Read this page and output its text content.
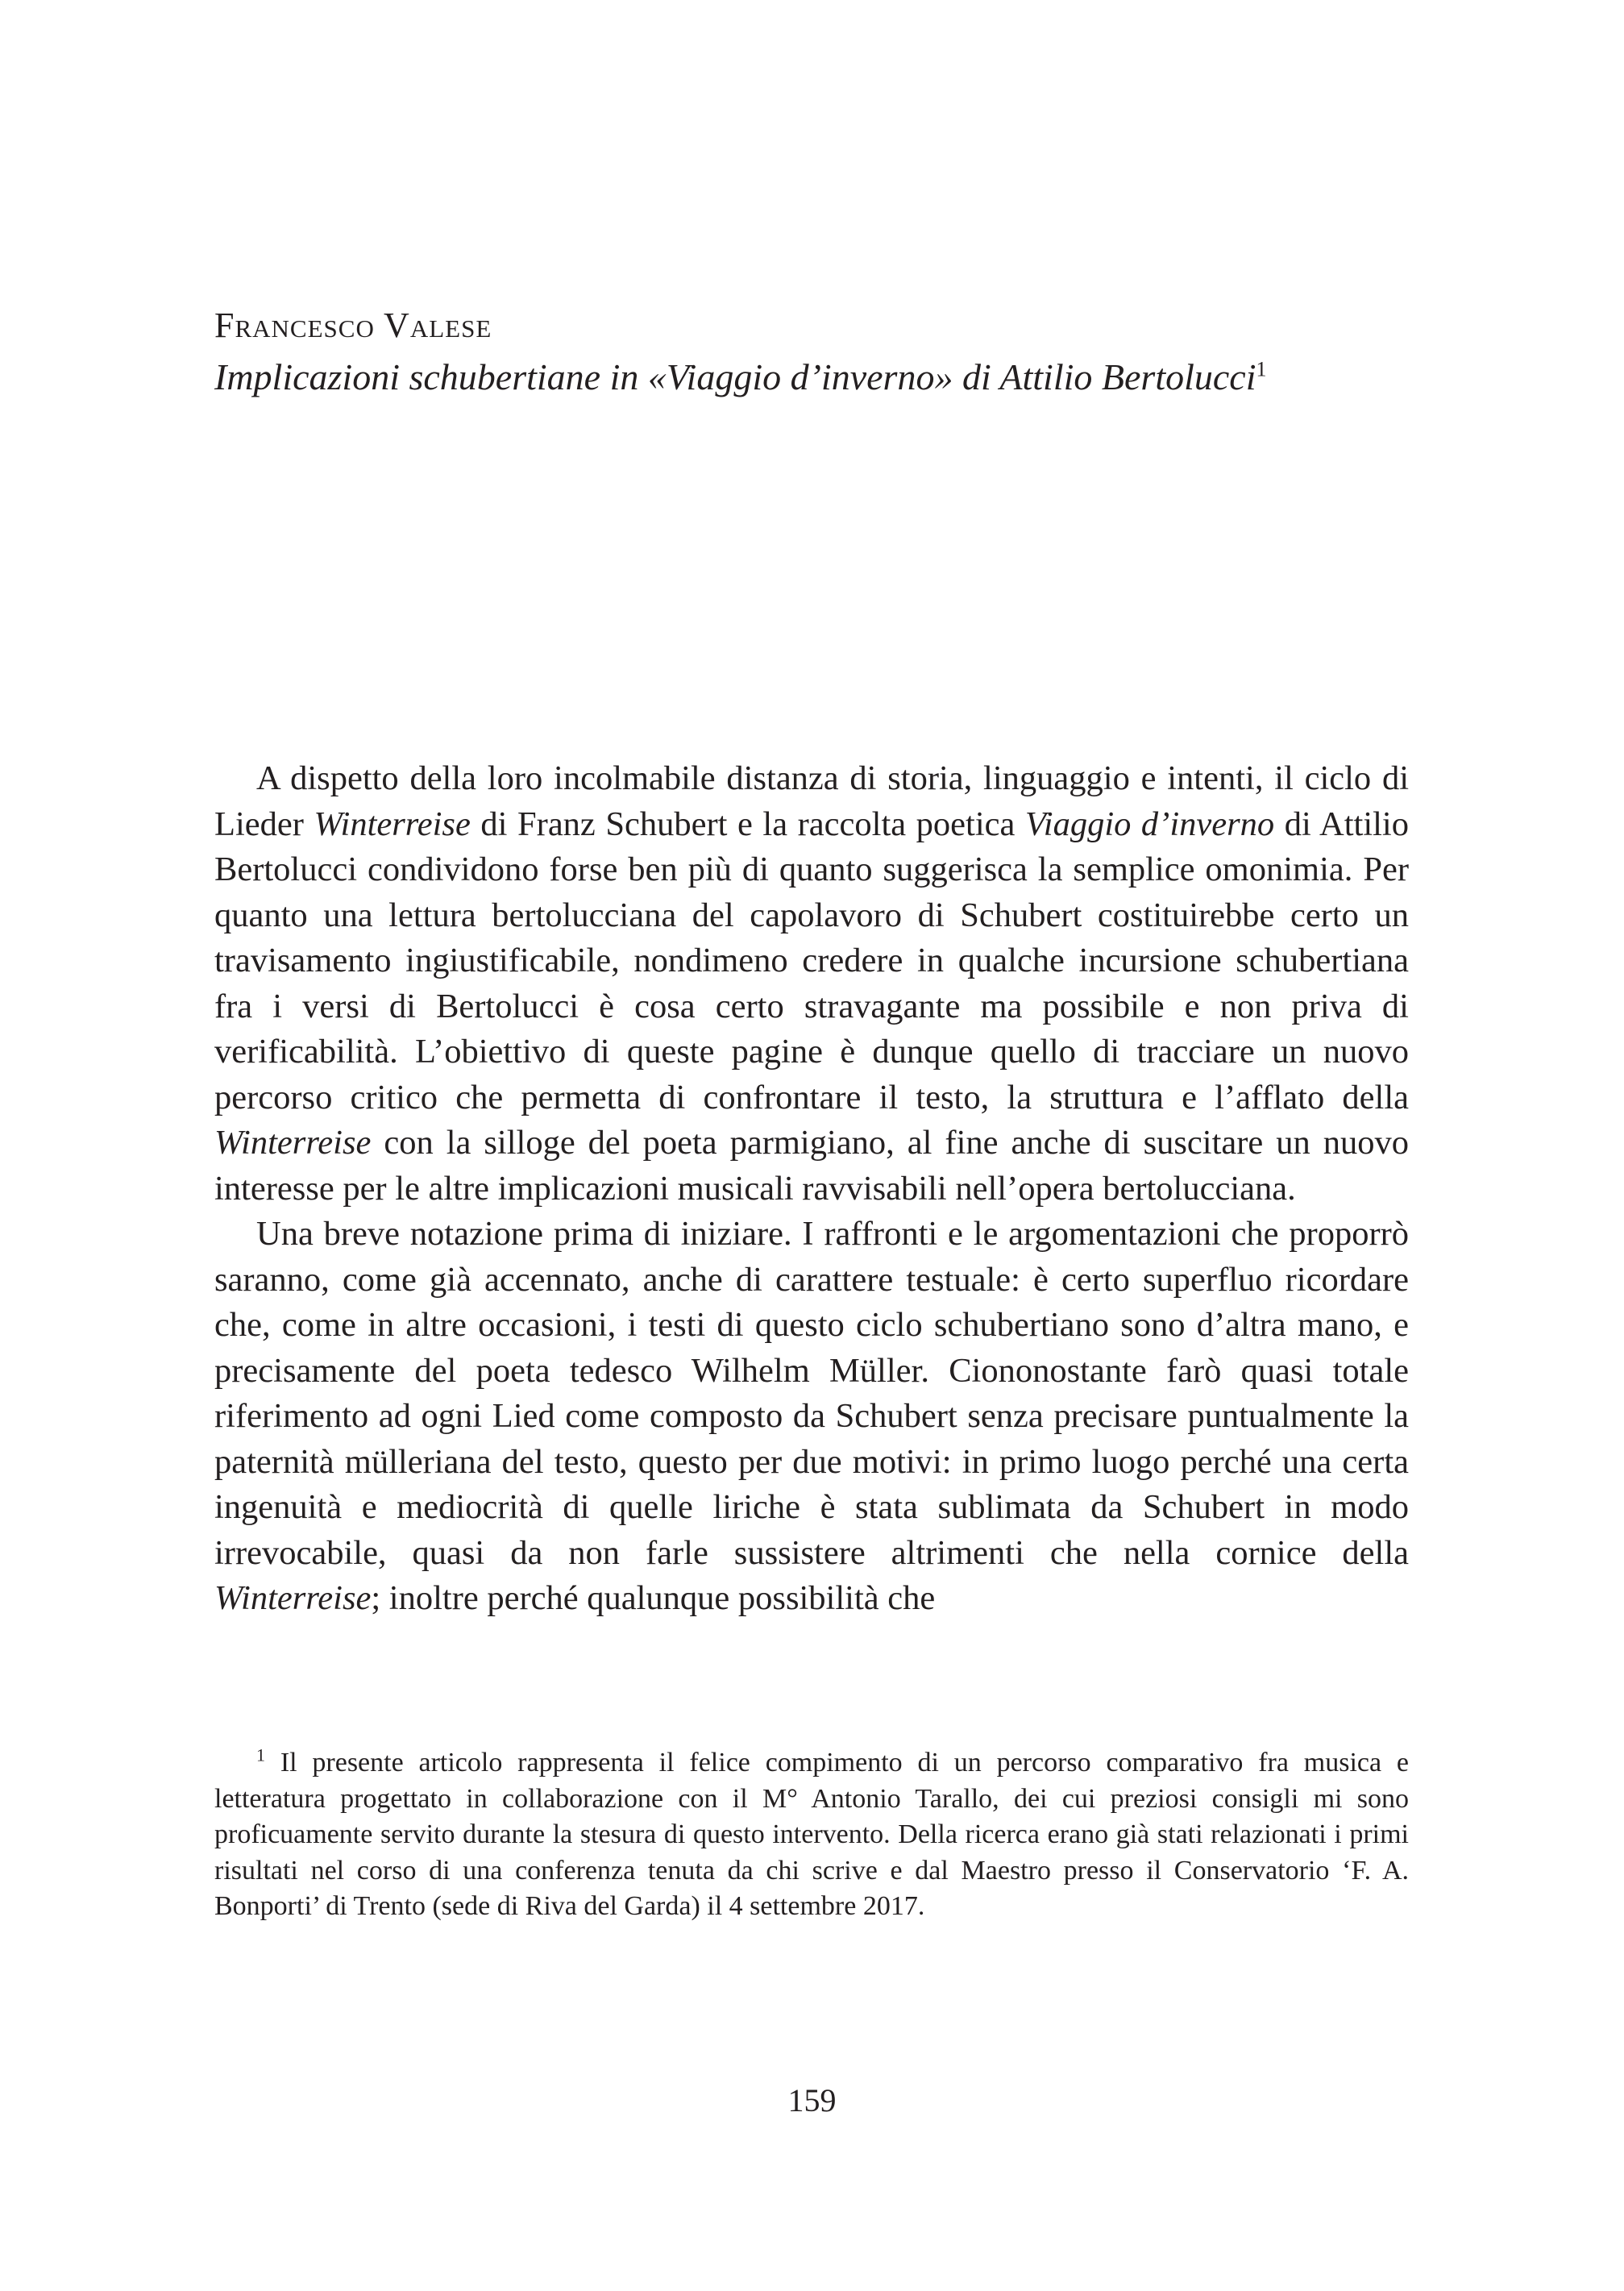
Francesco Valese
Implicazioni schubertiane in «Viaggio d’inverno» di Attilio Bertolucci$^1$

A dispetto della loro incolmabile distanza di storia, linguaggio e intenti, il ciclo di Lieder Winterreise di Franz Schubert e la raccolta poetica Viaggio d’inverno di Attilio Bertolucci condividono forse ben più di quanto suggerisca la semplice omonimia. Per quanto una lettura bertolucciana del capolavoro di Schubert costituirebbe certo un travisamento ingiustificabile, nondimeno credere in qualche incursione schubertiana fra i versi di Bertolucci è cosa certo stravagante ma possibile e non priva di verificabilità. L’obiettivo di queste pagine è dunque quello di tracciare un nuovo percorso critico che permetta di confrontare il testo, la struttura e l’afflato della Winterreise con la silloge del poeta parmigiano, al fine anche di suscitare un nuovo interesse per le altre implicazioni musicali ravvisabili nell’opera bertolucciana.

Una breve notazione prima di iniziare. I raffronti e le argomentazioni che proporrò saranno, come già accennato, anche di carattere testuale: è certo superfluo ricordare che, come in altre occasioni, i testi di questo ciclo schubertiano sono d’altra mano, e precisamente del poeta tedesco Wilhelm Müller. Ciononostante farò quasi totale riferimento ad ogni Lied come composto da Schubert senza precisare puntualmente la paternità mülleriana del testo, questo per due motivi: in primo luogo perché una certa ingenuità e mediocrità di quelle liriche è stata sublimata da Schubert in modo irrevocabile, quasi da non farle sussistere altrimenti che nella cornice della Winterreise; inoltre perché qualunque possibilità che

$^1$ Il presente articolo rappresenta il felice compimento di un percorso comparativo fra musica e letteratura progettato in collaborazione con il M° Antonio Tarallo, dei cui preziosi consigli mi sono proficuamente servito durante la stesura di questo intervento. Della ricerca erano già stati relazionati i primi risultati nel corso di una conferenza tenuta da chi scrive e dal Maestro presso il Conservatorio ‘F. A. Bonporti’ di Trento (sede di Riva del Garda) il 4 settembre 2017.

159
